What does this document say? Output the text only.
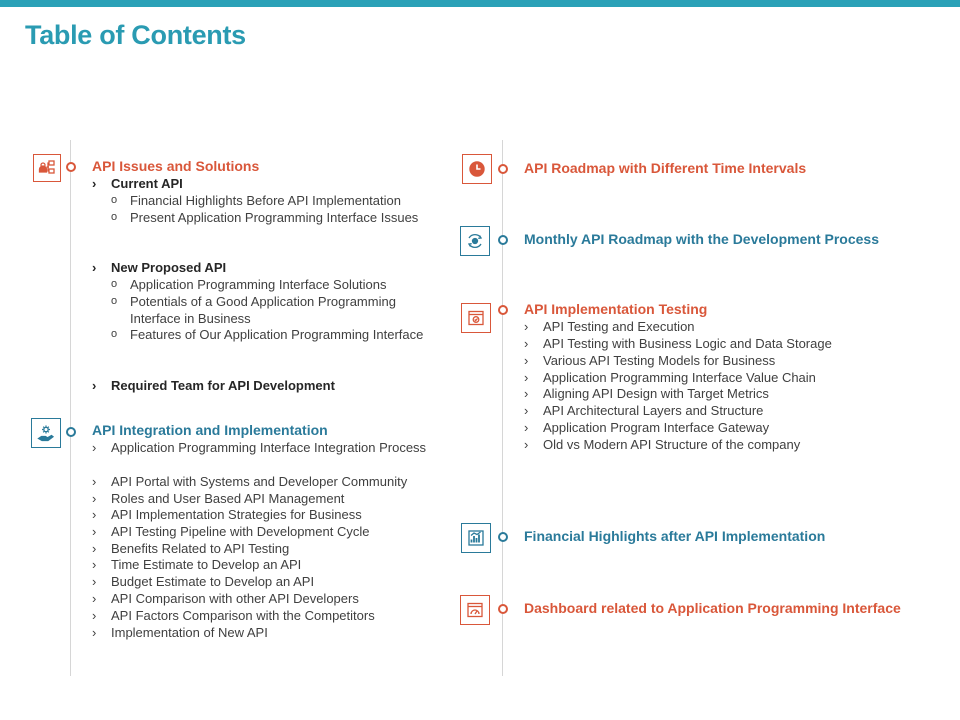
Table of Contents
API Issues and Solutions
› Current API
o Financial Highlights Before API Implementation
o Present Application Programming Interface Issues
› New Proposed API
o Application Programming Interface Solutions
o Potentials of a Good Application Programming Interface in Business
o Features of Our Application Programming Interface
› Required Team for API Development
API Integration and Implementation
› Application Programming Interface Integration Process
› API Portal with Systems and Developer Community
› Roles and User Based API Management
› API Implementation Strategies for Business
› API Testing Pipeline with Development Cycle
› Benefits Related to API Testing
› Time Estimate to Develop an API
› Budget Estimate to Develop an API
› API Comparison with other API Developers
› API Factors Comparison with the Competitors
› Implementation of New API
API Roadmap with Different Time Intervals
Monthly API Roadmap with the Development Process
API Implementation Testing
› API Testing and Execution
› API Testing with Business Logic and Data Storage
› Various API Testing Models for Business
› Application Programming Interface Value Chain
› Aligning API Design with Target Metrics
› API Architectural Layers and Structure
› Application Program Interface Gateway
› Old vs Modern API Structure of the company
Financial Highlights after API Implementation
Dashboard related to Application Programming Interface
